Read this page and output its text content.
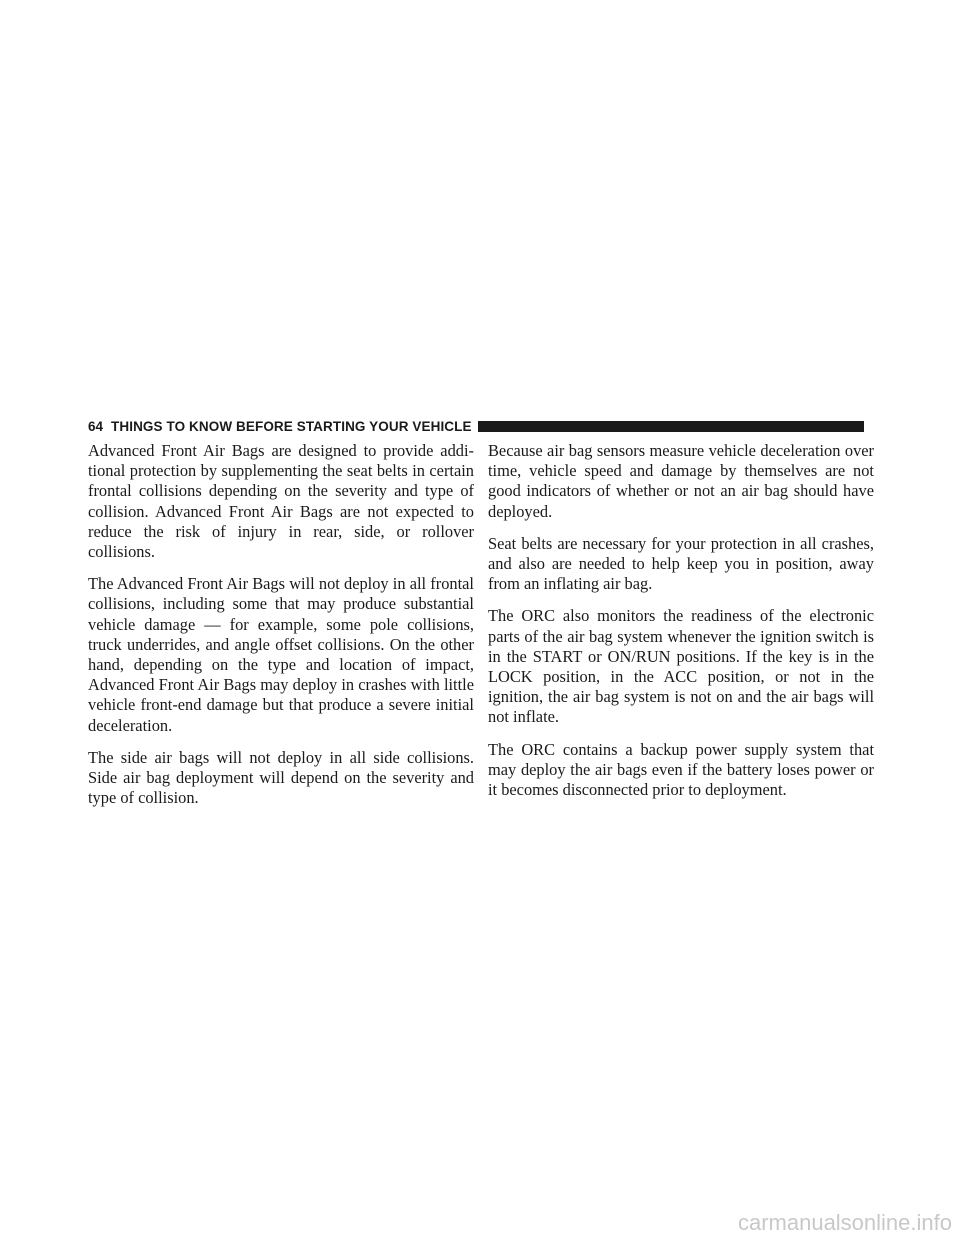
64 THINGS TO KNOW BEFORE STARTING YOUR VEHICLE

Advanced Front Air Bags are designed to provide additional protection by supplementing the seat belts in certain frontal collisions depending on the severity and type of collision. Advanced Front Air Bags are not expected to reduce the risk of injury in rear, side, or rollover collisions.

The Advanced Front Air Bags will not deploy in all frontal collisions, including some that may produce substantial vehicle damage — for example, some pole collisions, truck underrides, and angle offset collisions. On the other hand, depending on the type and location of impact, Advanced Front Air Bags may deploy in crashes with little vehicle front-end damage but that produce a severe initial deceleration.

The side air bags will not deploy in all side collisions. Side air bag deployment will depend on the severity and type of collision.

Because air bag sensors measure vehicle deceleration over time, vehicle speed and damage by themselves are not good indicators of whether or not an air bag should have deployed.

Seat belts are necessary for your protection in all crashes, and also are needed to help keep you in position, away from an inflating air bag.

The ORC also monitors the readiness of the electronic parts of the air bag system whenever the ignition switch is in the START or ON/RUN positions. If the key is in the LOCK position, in the ACC position, or not in the ignition, the air bag system is not on and the air bags will not inflate.

The ORC contains a backup power supply system that may deploy the air bags even if the battery loses power or it becomes disconnected prior to deployment.

carmanualsonline.info
